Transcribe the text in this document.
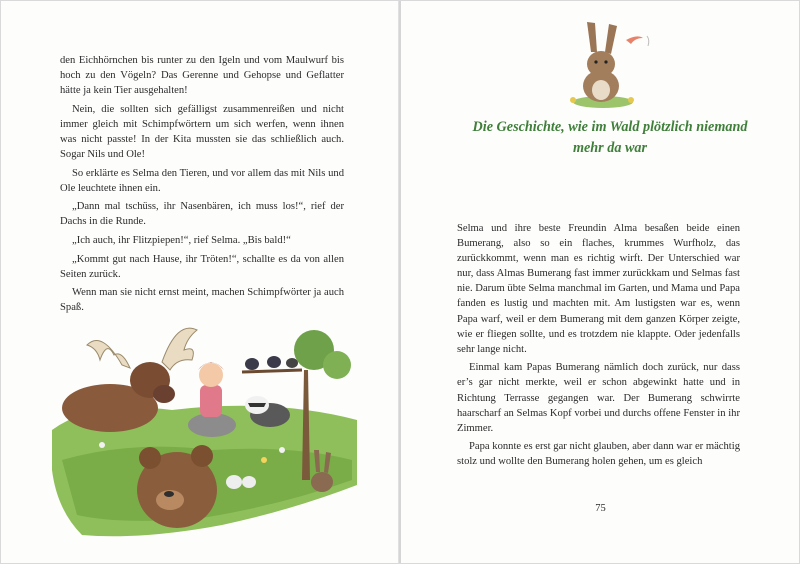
den Eichhörnchen bis runter zu den Igeln und vom Maulwurf bis hoch zu den Vögeln? Das Gerenne und Gehopse und Geflatter hätte ja kein Tier ausgehalten!

Nein, die sollten sich gefälligst zusammenreißen und nicht immer gleich mit Schimpfwörtern um sich werfen, wenn ihnen was nicht passte! In der Kita mussten sie das schließlich auch. Sogar Nils und Ole!

So erklärte es Selma den Tieren, und vor allem das mit Nils und Ole leuchtete ihnen ein.

„Dann mal tschüss, ihr Nasenbären, ich muss los!“, rief der Dachs in die Runde.

„Ich auch, ihr Flitzpiepen!“, rief Selma. „Bis bald!“

„Kommt gut nach Hause, ihr Tröten!“, schallte es da von allen Seiten zurück.

Wenn man sie nicht ernst meint, machen Schimpfwörter ja auch Spaß.

Die Geschichte, wie im Wald plötzlich niemand mehr da war

Selma und ihre beste Freundin Alma besaßen beide einen Bumerang, also so ein flaches, krummes Wurfholz, das zurückkommt, wenn man es richtig wirft. Der Unterschied war nur, dass Almas Bumerang fast immer zurückkam und Selmas fast nie. Darum übte Selma manchmal im Garten, und Mama und Papa fanden es lustig und machten mit. Am lustigsten war es, wenn Papa warf, weil er dem Bumerang mit dem ganzen Körper zeigte, wie er fliegen sollte, und es trotzdem nie klappte. Oder jedenfalls sehr lange nicht.

Einmal kam Papas Bumerang nämlich doch zurück, nur dass er’s gar nicht merkte, weil er schon abgewinkt hatte und in Richtung Terrasse gegangen war. Der Bumerang schwirrte haarscharf an Selmas Kopf vorbei und durchs offene Fenster in ihr Zimmer.

Papa konnte es erst gar nicht glauben, aber dann war er mächtig stolz und wollte den Bumerang holen gehen, um es gleich

75
